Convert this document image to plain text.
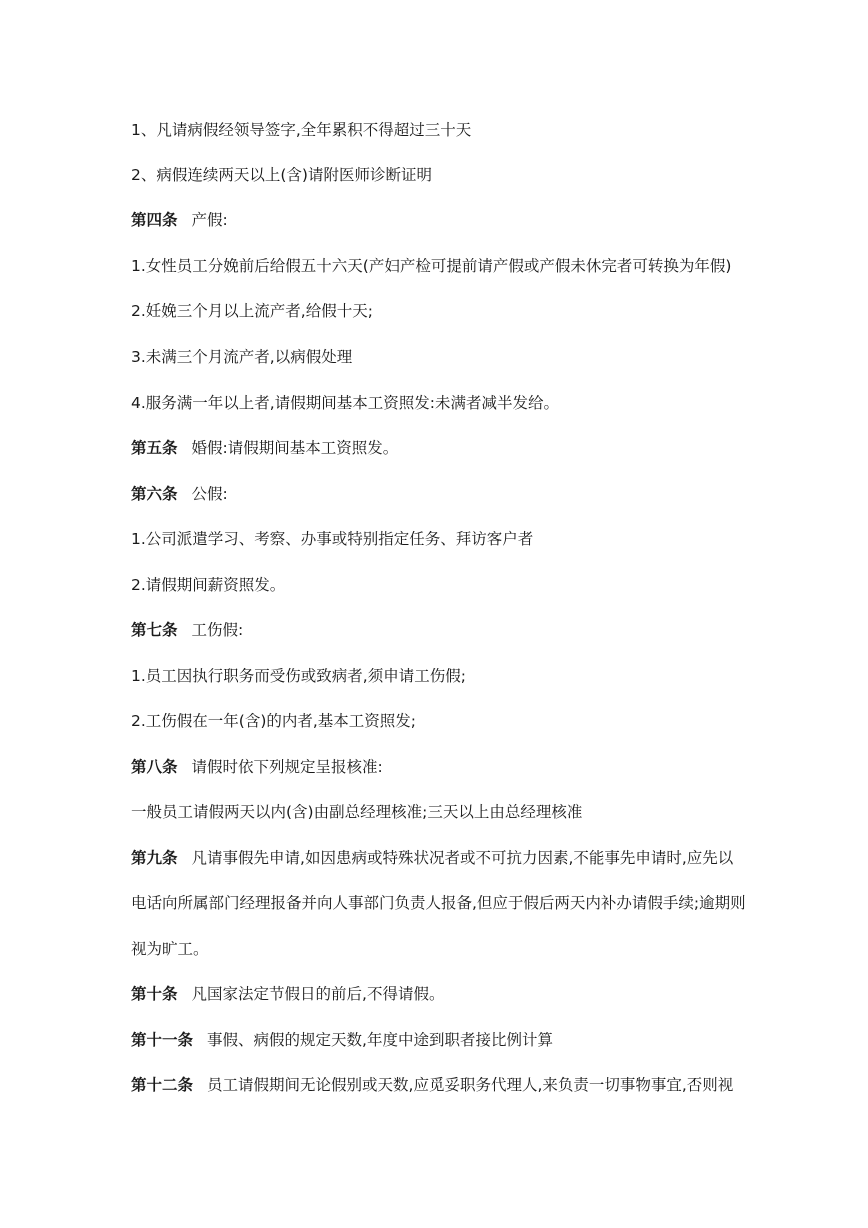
1、凡请病假经领导签字,全年累积不得超过三十天
2、病假连续两天以上(含)请附医师诊断证明
第四条 产假:
1.女性员工分娩前后给假五十六天(产妇产检可提前请产假或产假未休完者可转换为年假)
2.妊娩三个月以上流产者,给假十天;
3.未满三个月流产者,以病假处理
4.服务满一年以上者,请假期间基本工资照发:未满者减半发给。
第五条 婚假:请假期间基本工资照发。
第六条 公假:
1.公司派遣学习、考察、办事或特别指定任务、拜访客户者
2.请假期间薪资照发。
第七条 工伤假:
1.员工因执行职务而受伤或致病者,须申请工伤假;
2.工伤假在一年(含)的内者,基本工资照发;
第八条 请假时依下列规定呈报核准:
一般员工请假两天以内(含)由副总经理核准;三天以上由总经理核准
第九条 凡请事假先申请,如因患病或特殊状况者或不可抗力因素,不能事先申请时,应先以
电话向所属部门经理报备并向人事部门负责人报备,但应于假后两天内补办请假手续;逾期则
视为旷工。
第十条 凡国家法定节假日的前后,不得请假。
第十一条 事假、病假的规定天数,年度中途到职者接比例计算
第十二条 员工请假期间无论假别或天数,应觅妥职务代理人,来负责一切事物事宜,否则视
